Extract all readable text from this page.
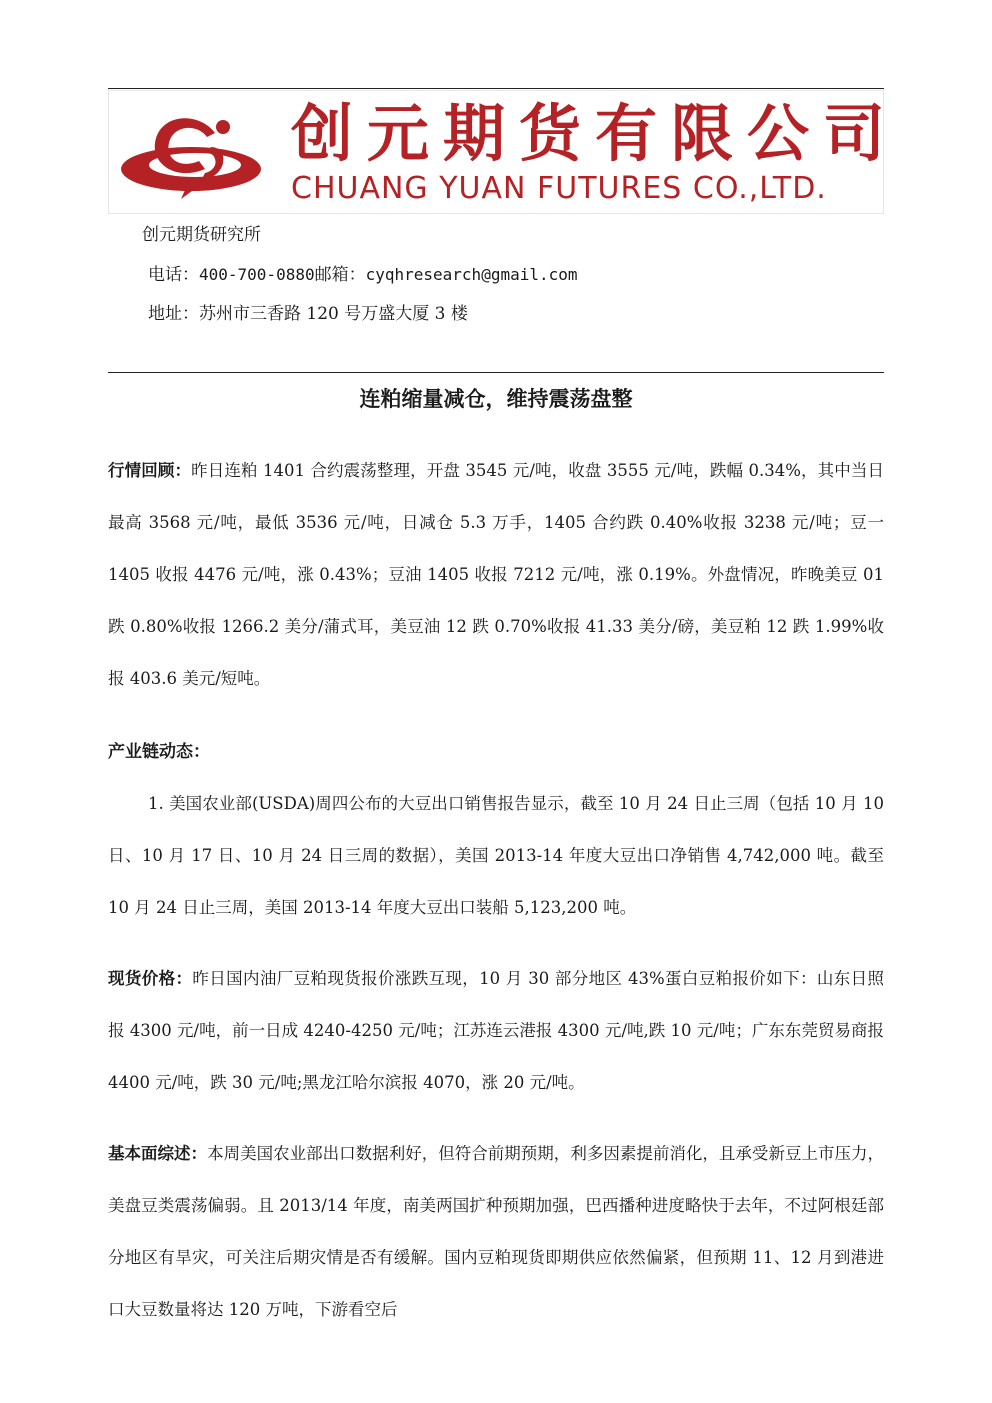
创元期货有限公司
CHUANG YUAN FUTURES CO.,LTD.
创元期货研究所
电话：400-700-0880邮箱：cyqhresearch@gmail.com
地址：苏州市三香路 120 号万盛大厦 3 楼
连粕缩量减仓，维持震荡盘整

行情回顾：昨日连粕 1401 合约震荡整理，开盘 3545 元/吨，收盘 3555 元/吨，跌幅 0.34%，其中当日最高 3568 元/吨，最低 3536 元/吨，日减仓 5.3 万手，1405 合约跌 0.40%收报 3238 元/吨；豆一 1405 收报 4476 元/吨，涨 0.43%；豆油 1405 收报 7212 元/吨，涨 0.19%。外盘情况，昨晚美豆 01 跌 0.80%收报 1266.2 美分/蒲式耳，美豆油 12 跌 0.70%收报 41.33 美分/磅，美豆粕 12 跌 1.99%收报 403.6 美元/短吨。

产业链动态：

1. 美国农业部(USDA)周四公布的大豆出口销售报告显示，截至 10 月 24 日止三周（包括 10 月 10 日、10 月 17 日、10 月 24 日三周的数据），美国 2013-14 年度大豆出口净销售 4,742,000 吨。截至 10 月 24 日止三周，美国 2013-14 年度大豆出口装船 5,123,200 吨。

现货价格：昨日国内油厂豆粕现货报价涨跌互现，10 月 30 部分地区 43%蛋白豆粕报价如下：山东日照报 4300 元/吨，前一日成 4240-4250 元/吨；江苏连云港报 4300 元/吨,跌 10 元/吨；广东东莞贸易商报 4400 元/吨，跌 30 元/吨;黑龙江哈尔滨报 4070，涨 20 元/吨。

基本面综述：本周美国农业部出口数据利好，但符合前期预期，利多因素提前消化，且承受新豆上市压力，美盘豆类震荡偏弱。且 2013/14 年度，南美两国扩种预期加强，巴西播种进度略快于去年，不过阿根廷部分地区有旱灾，可关注后期灾情是否有缓解。国内豆粕现货即期供应依然偏紧，但预期 11、12 月到港进口大豆数量将达 120 万吨，下游看空后
